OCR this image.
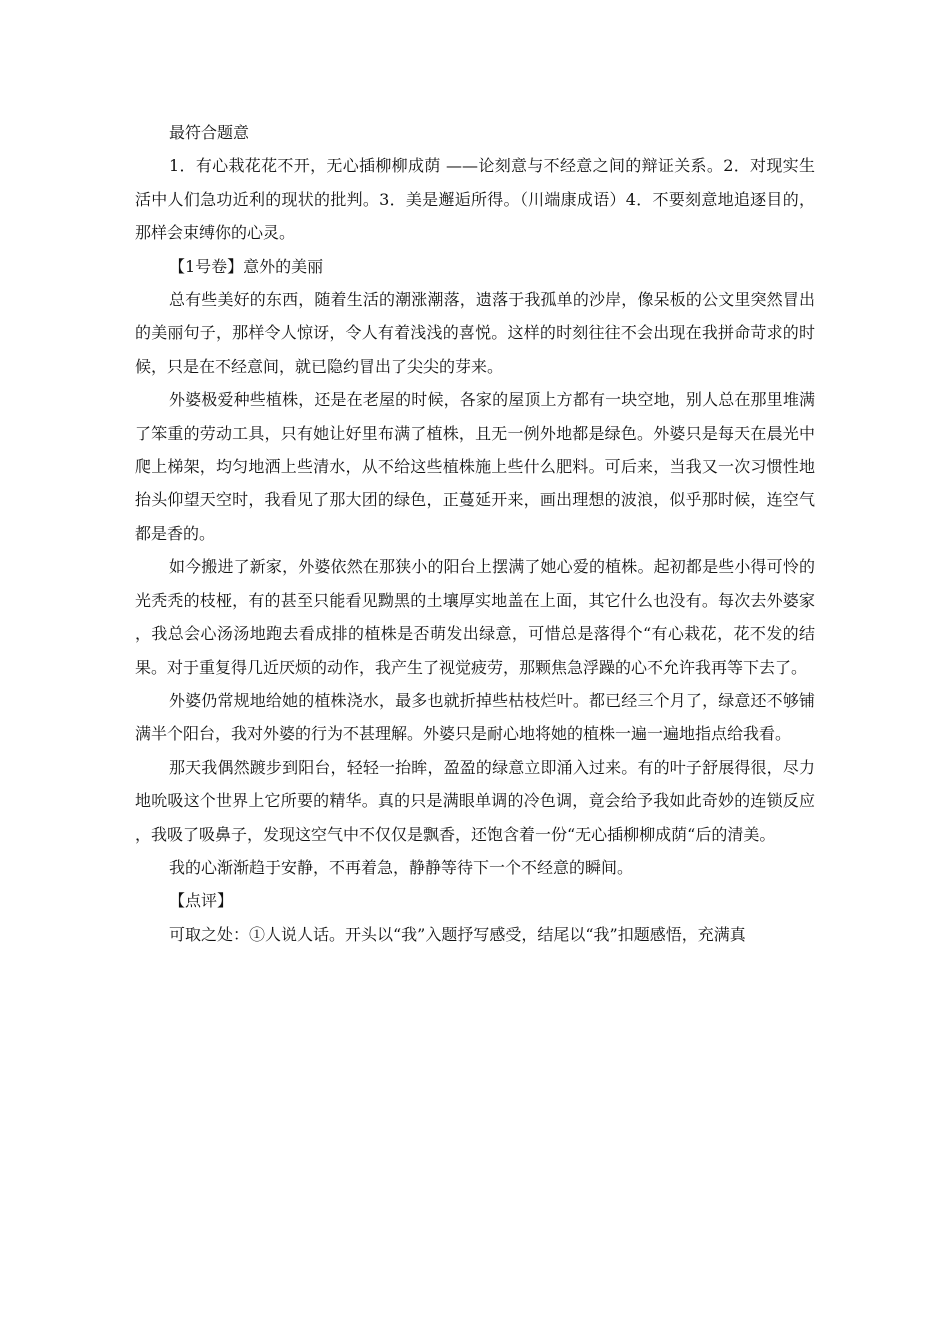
最符合题意

1．有心栽花花不开，无心插柳柳成荫 ——论刻意与不经意之间的辩证关系。2．对现实生活中人们急功近利的现状的批判。3．美是邂逅所得。（川端康成语）4．不要刻意地追逐目的，那样会束缚你的心灵。

【1号卷】意外的美丽

总有些美好的东西，随着生活的潮涨潮落，遗落于我孤单的沙岸，像呆板的公文里突然冒出的美丽句子，那样令人惊讶，令人有着浅浅的喜悦。这样的时刻往往不会出现在我拼命苛求的时候，只是在不经意间，就已隐约冒出了尖尖的芽来。

外婆极爱种些植株，还是在老屋的时候，各家的屋顶上方都有一块空地，别人总在那里堆满了笨重的劳动工具，只有她让好里布满了植株，且无一例外地都是绿色。外婆只是每天在晨光中爬上梯架，均匀地洒上些清水，从不给这些植株施上些什么肥料。可后来，当我又一次习惯性地抬头仰望天空时，我看见了那大团的绿色，正蔓延开来，画出理想的波浪，似乎那时候，连空气都是香的。

如今搬进了新家，外婆依然在那狭小的阳台上摆满了她心爱的植株。起初都是些小得可怜的光秃秃的枝桠，有的甚至只能看见黝黑的土壤厚实地盖在上面，其它什么也没有。每次去外婆家，我总会心汤汤地跑去看成排的植株是否萌发出绿意，可惜总是落得个“有心栽花，花不发的结果。对于重复得几近厌烦的动作，我产生了视觉疲劳，那颗焦急浮躁的心不允许我再等下去了。

外婆仍常规地给她的植株浇水，最多也就折掉些枯枝烂叶。都已经三个月了，绿意还不够铺满半个阳台，我对外婆的行为不甚理解。外婆只是耐心地将她的植株一遍一遍地指点给我看。

那天我偶然踱步到阳台，轻轻一抬眸，盈盈的绿意立即涌入过来。有的叶子舒展得很，尽力地吮吸这个世界上它所要的精华。真的只是满眼单调的冷色调，竟会给予我如此奇妙的连锁反应，我吸了吸鼻子，发现这空气中不仅仅是飘香，还饱含着一份“无心插柳柳成荫“后的清美。

我的心渐渐趋于安静，不再着急，静静等待下一个不经意的瞬间。

【点评】

可取之处：①人说人话。开头以“我”入题抒写感受，结尾以“我”扣题感悟，充满真
